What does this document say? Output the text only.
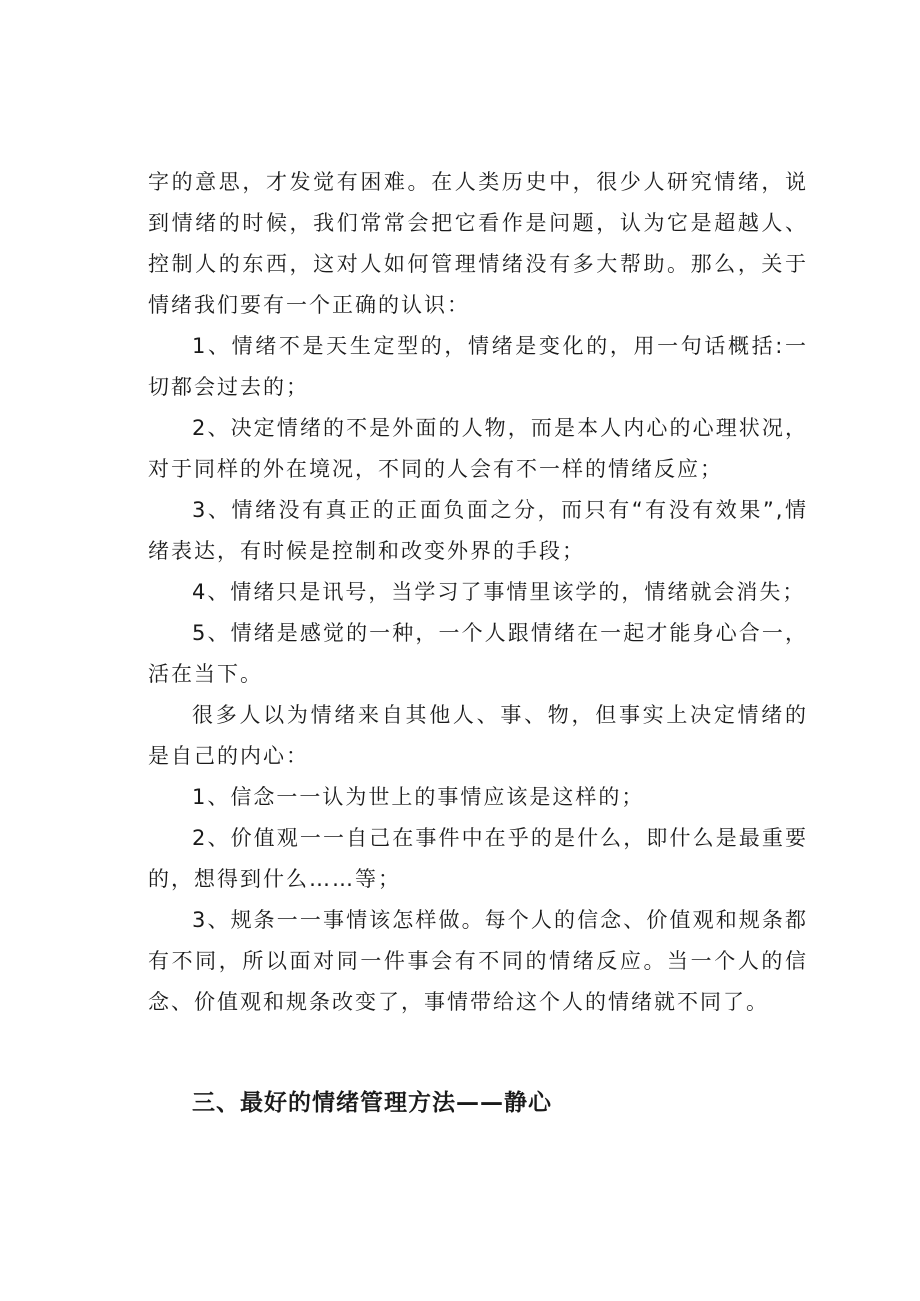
字的意思，才发觉有困难。在人类历史中，很少人研究情绪，说到情绪的时候，我们常常会把它看作是问题，认为它是超越人、控制人的东西，这对人如何管理情绪没有多大帮助。那么，关于情绪我们要有一个正确的认识：

1、情绪不是天生定型的，情绪是变化的，用一句话概括:一切都会过去的；

2、决定情绪的不是外面的人物，而是本人内心的心理状况，对于同样的外在境况，不同的人会有不一样的情绪反应；

3、情绪没有真正的正面负面之分，而只有“有没有效果”,情绪表达，有时候是控制和改变外界的手段；

4、情绪只是讯号，当学习了事情里该学的，情绪就会消失；

5、情绪是感觉的一种，一个人跟情绪在一起才能身心合一，活在当下。

很多人以为情绪来自其他人、事、物，但事实上决定情绪的是自己的内心：

1、信念一一认为世上的事情应该是这样的；

2、价值观一一自己在事件中在乎的是什么，即什么是最重要的，想得到什么……等；

3、规条一一事情该怎样做。每个人的信念、价值观和规条都有不同，所以面对同一件事会有不同的情绪反应。当一个人的信念、价值观和规条改变了，事情带给这个人的情绪就不同了。

三、最好的情绪管理方法——静心
